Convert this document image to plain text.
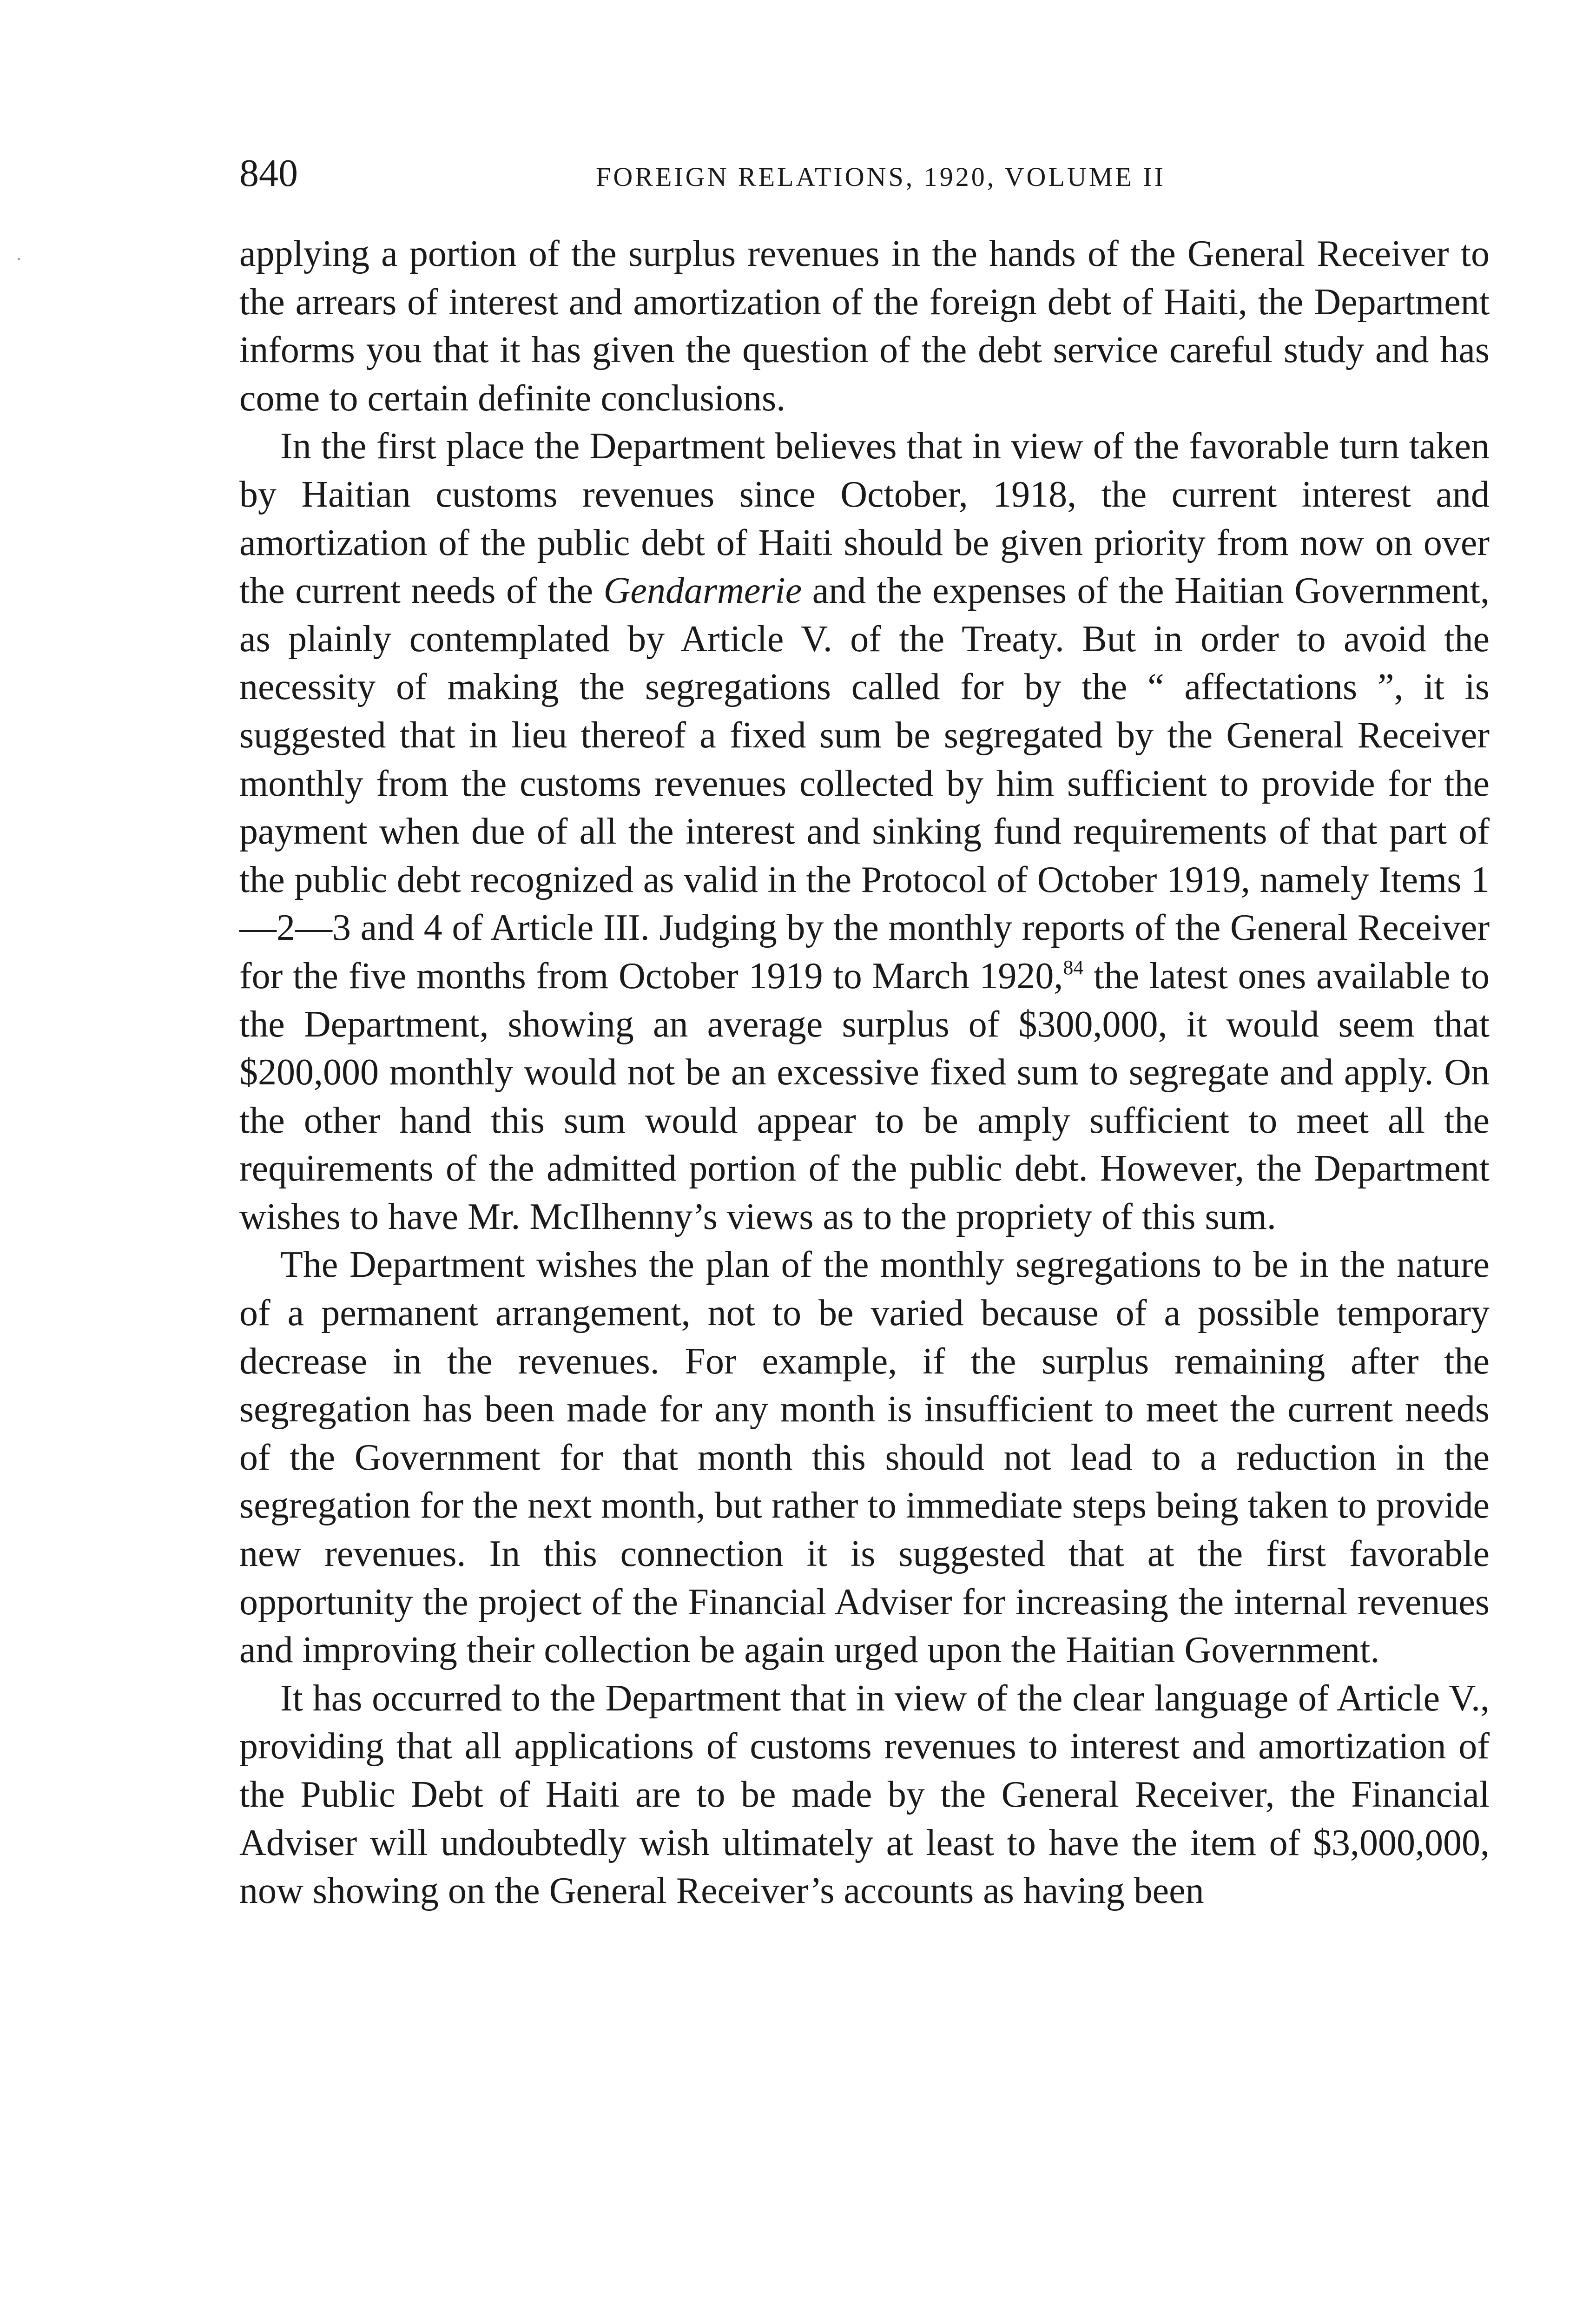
840	FOREIGN RELATIONS, 1920, VOLUME II

applying a portion of the surplus revenues in the hands of the General Receiver to the arrears of interest and amortization of the foreign debt of Haiti, the Department informs you that it has given the question of the debt service careful study and has come to certain definite conclusions.

In the first place the Department believes that in view of the favorable turn taken by Haitian customs revenues since October, 1918, the current interest and amortization of the public debt of Haiti should be given priority from now on over the current needs of the Gendarmerie and the expenses of the Haitian Government, as plainly contemplated by Article V. of the Treaty. But in order to avoid the necessity of making the segregations called for by the “ affectations ”, it is suggested that in lieu thereof a fixed sum be segregated by the General Receiver monthly from the customs revenues collected by him sufficient to provide for the payment when due of all the interest and sinking fund requirements of that part of the public debt recognized as valid in the Protocol of October 1919, namely Items 1—2—3 and 4 of Article III. Judging by the monthly reports of the General Receiver for the five months from October 1919 to March 1920,84 the latest ones available to the Department, showing an average surplus of $300,000, it would seem that $200,000 monthly would not be an excessive fixed sum to segregate and apply. On the other hand this sum would appear to be amply sufficient to meet all the requirements of the admitted portion of the public debt. However, the Department wishes to have Mr. McIlhenny’s views as to the propriety of this sum.

The Department wishes the plan of the monthly segregations to be in the nature of a permanent arrangement, not to be varied because of a possible temporary decrease in the revenues. For example, if the surplus remaining after the segregation has been made for any month is insufficient to meet the current needs of the Government for that month this should not lead to a reduction in the segregation for the next month, but rather to immediate steps being taken to provide new revenues. In this connection it is suggested that at the first favorable opportunity the project of the Financial Adviser for increasing the internal revenues and improving their collection be again urged upon the Haitian Government.

It has occurred to the Department that in view of the clear language of Article V., providing that all applications of customs revenues to interest and amortization of the Public Debt of Haiti are to be made by the General Receiver, the Financial Adviser will undoubtedly wish ultimately at least to have the item of $3,000,000, now showing on the General Receiver’s accounts as having been
